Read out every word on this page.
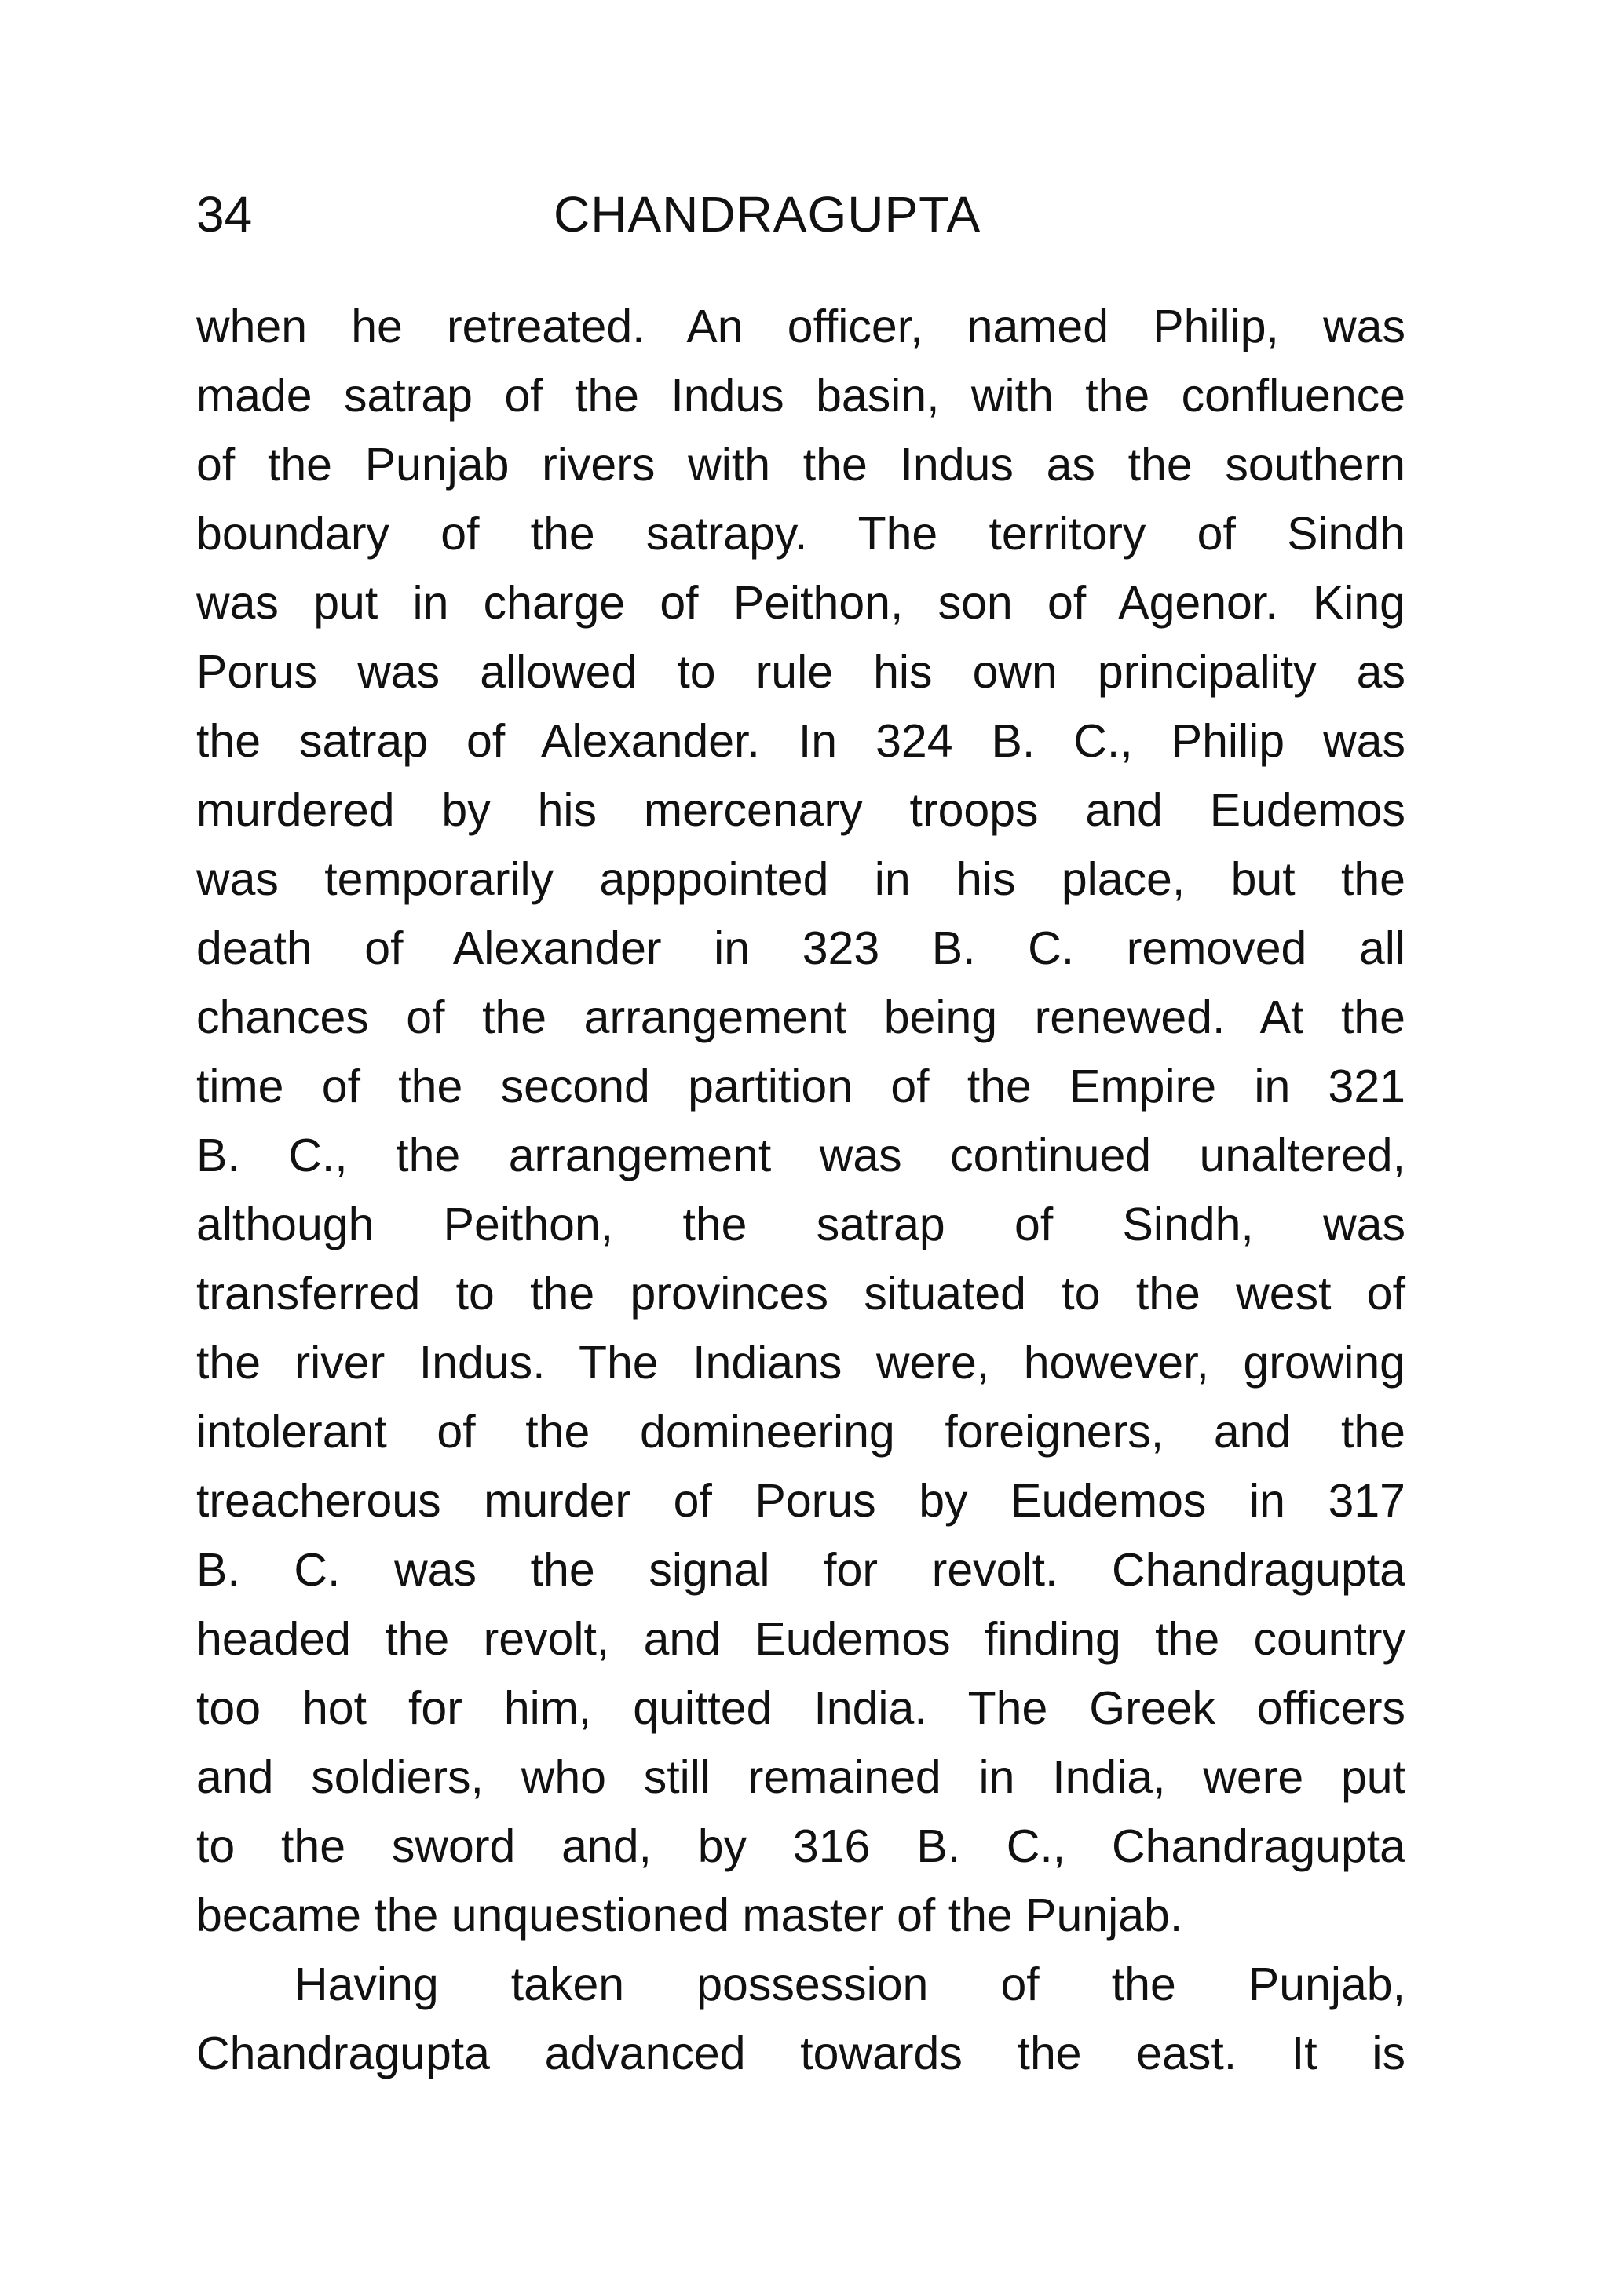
34	CHANDRAGUPTA
when he retreated. An officer, named Philip, was
made satrap of the Indus basin, with the confluence
of the Punjab rivers with the Indus as the southern
boundary of the satrapy. The territory of Sindh
was put in charge of Peithon, son of Agenor. King
Porus was allowed to rule his own principality as
the satrap of Alexander. In 324 B. C., Philip was
murdered by his mercenary troops and Eudemos
was temporarily apppointed in his place, but the
death of Alexander in 323 B. C. removed all
chances of the arrangement being renewed. At the
time of the second partition of the Empire in 321
B. C., the arrangement was continued unaltered,
although Peithon, the satrap of Sindh, was
transferred to the provinces situated to the west of
the river Indus. The Indians were, however, growing
intolerant of the domineering foreigners, and the
treacherous murder of Porus by Eudemos in 317
B. C. was the signal for revolt. Chandragupta
headed the revolt, and Eudemos finding the country
too hot for him, quitted India. The Greek officers
and soldiers, who still remained in India, were put
to the sword and, by 316 B. C., Chandragupta
became the unquestioned master of the Punjab.
Having taken possession of the Punjab,
Chandragupta advanced towards the east. It is
